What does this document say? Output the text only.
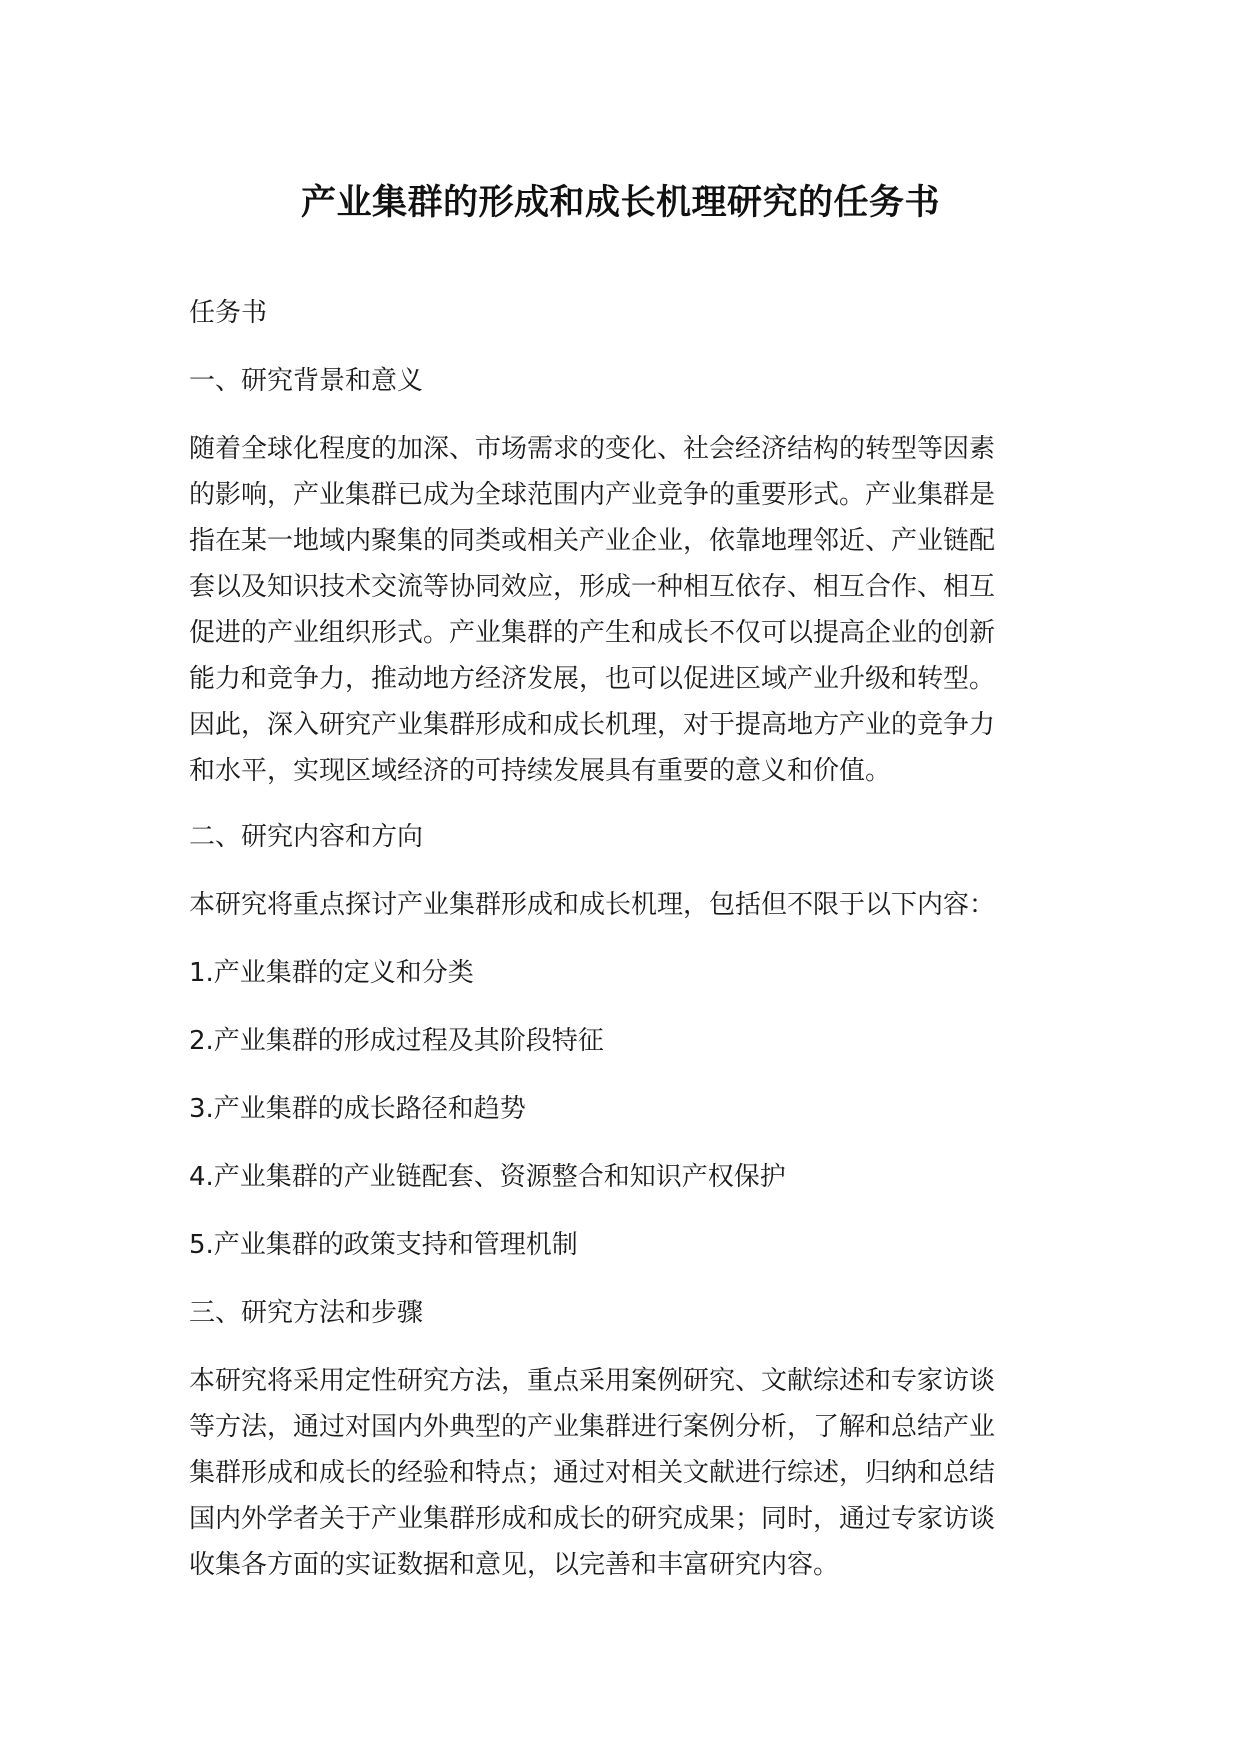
产业集群的形成和成长机理研究的任务书

任务书

一、研究背景和意义

随着全球化程度的加深、市场需求的变化、社会经济结构的转型等因素

的影响，产业集群已成为全球范围内产业竞争的重要形式。产业集群是

指在某一地域内聚集的同类或相关产业企业，依靠地理邻近、产业链配

套以及知识技术交流等协同效应，形成一种相互依存、相互合作、相互

促进的产业组织形式。产业集群的产生和成长不仅可以提高企业的创新

能力和竞争力，推动地方经济发展，也可以促进区域产业升级和转型。

因此，深入研究产业集群形成和成长机理，对于提高地方产业的竞争力

和水平，实现区域经济的可持续发展具有重要的意义和价值。

二、研究内容和方向

本研究将重点探讨产业集群形成和成长机理，包括但不限于以下内容：

1.产业集群的定义和分类

2.产业集群的形成过程及其阶段特征

3.产业集群的成长路径和趋势

4.产业集群的产业链配套、资源整合和知识产权保护

5.产业集群的政策支持和管理机制

三、研究方法和步骤

本研究将采用定性研究方法，重点采用案例研究、文献综述和专家访谈

等方法，通过对国内外典型的产业集群进行案例分析，了解和总结产业

集群形成和成长的经验和特点；通过对相关文献进行综述，归纳和总结

国内外学者关于产业集群形成和成长的研究成果；同时，通过专家访谈

收集各方面的实证数据和意见，以完善和丰富研究内容。
